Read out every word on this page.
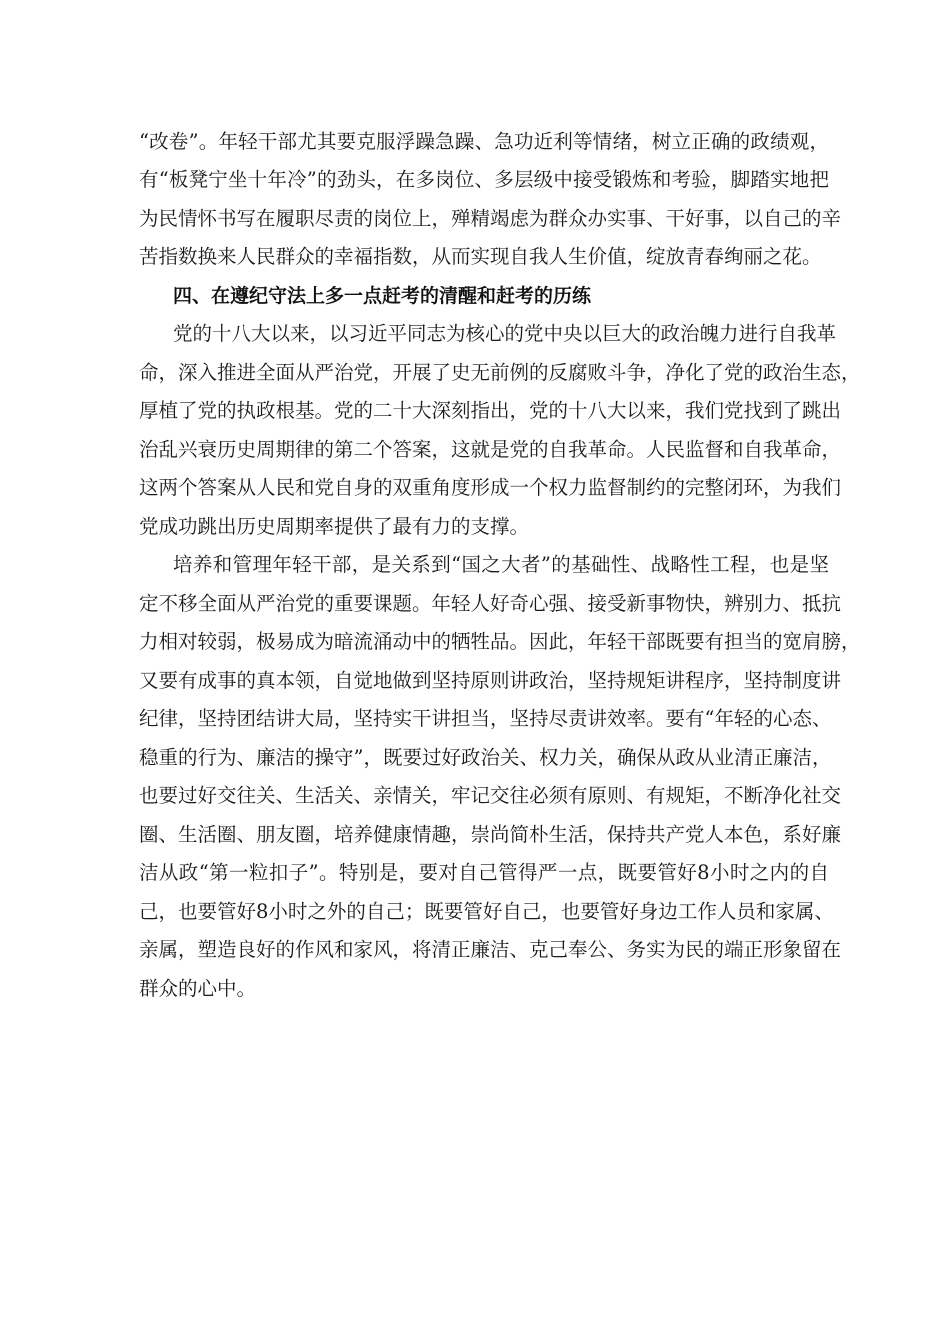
“改卷”。年轻干部尤其要克服浮躁急躁、急功近利等情绪，树立正确的政绩观，
有“板凳宁坐十年冷”的劲头，在多岗位、多层级中接受锻炼和考验，脚踏实地把
为民情怀书写在履职尽责的岗位上，殚精竭虑为群众办实事、干好事，以自己的辛
苦指数换来人民群众的幸福指数，从而实现自我人生价值，绽放青春绚丽之花。
四、在遵纪守法上多一点赶考的清醒和赶考的历练
党的十八大以来，以习近平同志为核心的党中央以巨大的政治魄力进行自我革
命，深入推进全面从严治党，开展了史无前例的反腐败斗争，净化了党的政治生态，
厚植了党的执政根基。党的二十大深刻指出，党的十八大以来，我们党找到了跳出
治乱兴衰历史周期律的第二个答案，这就是党的自我革命。人民监督和自我革命，
这两个答案从人民和党自身的双重角度形成一个权力监督制约的完整闭环，为我们
党成功跳出历史周期率提供了最有力的支撑。
培养和管理年轻干部，是关系到“国之大者”的基础性、战略性工程，也是坚
定不移全面从严治党的重要课题。年轻人好奇心强、接受新事物快，辨别力、抵抗
力相对较弱，极易成为暗流涌动中的牺牲品。因此，年轻干部既要有担当的宽肩膀，
又要有成事的真本领，自觉地做到坚持原则讲政治，坚持规矩讲程序，坚持制度讲
纪律，坚持团结讲大局，坚持实干讲担当，坚持尽责讲效率。要有“年轻的心态、
稳重的行为、廉洁的操守”，既要过好政治关、权力关，确保从政从业清正廉洁，
也要过好交往关、生活关、亲情关，牢记交往必须有原则、有规矩，不断净化社交
圈、生活圈、朋友圈，培养健康情趣，崇尚简朴生活，保持共产党人本色，系好廉
洁从政“第一粒扣子”。特别是，要对自己管得严一点，既要管好8小时之内的自
己，也要管好8小时之外的自己；既要管好自己，也要管好身边工作人员和家属、
亲属，塑造良好的作风和家风，将清正廉洁、克己奉公、务实为民的端正形象留在
群众的心中。
